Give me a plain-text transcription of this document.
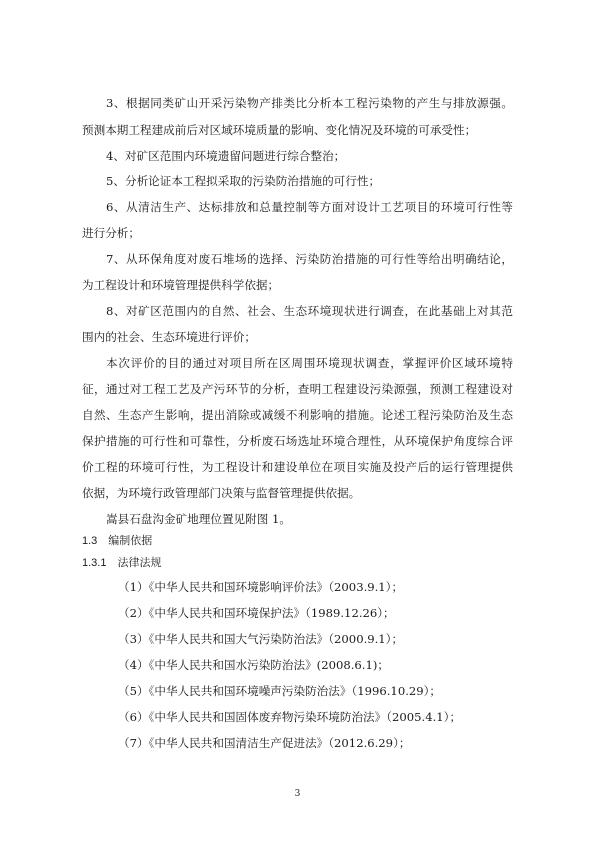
3、根据同类矿山开采污染物产排类比分析本工程污染物的产生与排放源强。
预测本期工程建成前后对区域环境质量的影响、变化情况及环境的可承受性；
4、对矿区范围内环境遗留问题进行综合整治；
5、分析论证本工程拟采取的污染防治措施的可行性；
6、从清洁生产、达标排放和总量控制等方面对设计工艺项目的环境可行性等
进行分析；
7、从环保角度对废石堆场的选择、污染防治措施的可行性等给出明确结论，
为工程设计和环境管理提供科学依据；
8、对矿区范围内的自然、社会、生态环境现状进行调查，在此基础上对其范
围内的社会、生态环境进行评价；
本次评价的目的通过对项目所在区周围环境现状调查，掌握评价区域环境特
征，通过对工程工艺及产污环节的分析，查明工程建设污染源强，预测工程建设对
自然、生态产生影响，提出消除或减缓不利影响的措施。论述工程污染防治及生态
保护措施的可行性和可靠性，分析废石场选址环境合理性，从环境保护角度综合评
价工程的环境可行性，为工程设计和建设单位在项目实施及投产后的运行管理提供
依据，为环境行政管理部门决策与监督管理提供依据。
嵩县石盘沟金矿地理位置见附图 1。
1.3 编制依据
1.3.1 法律法规
（1）《中华人民共和国环境影响评价法》（2003.9.1）；
（2）《中华人民共和国环境保护法》（1989.12.26）；
（3）《中华人民共和国大气污染防治法》（2000.9.1）；
（4）《中华人民共和国水污染防治法》(2008.6.1)；
（5）《中华人民共和国环境噪声污染防治法》（1996.10.29）；
（6）《中华人民共和国固体废弃物污染环境防治法》（2005.4.1）；
（7）《中华人民共和国清洁生产促进法》（2012.6.29）；
3
